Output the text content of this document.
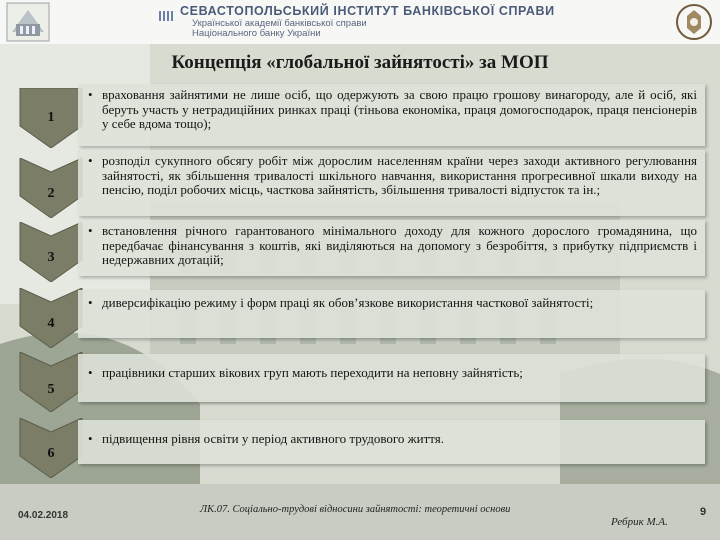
СЕВАСТОПОЛЬСЬКИЙ ІНСТИТУТ БАНКІВСЬКОЇ СПРАВИ
Української академії банківської справи
Національного банку України
Концепція «глобальної зайнятості» за МОП
1
2
3
4
5
6

• враховання зайнятими не лише осіб, що одержують за свою працю грошову винагороду, але й осіб, які беруть участь у нетрадиційних ринках праці (тіньова економіка, праця домогосподарок, праця пенсіонерів у себе вдома тощо);

• розподіл сукупного обсягу робіт між дорослим населенням країни через заходи активного регулювання зайнятості, як збільшення тривалості шкільного навчання, використання прогресивної шкали виходу на пенсію, поділ робочих місць, часткова зайнятість, збільшення тривалості відпусток та ін.;

• встановлення річного гарантованого мінімального доходу для кожного дорослого громадянина, що передбачає фінансування з коштів, які виділяються на допомогу з безробіття, з прибутку підприємств і недержавних дотацій;

• диверсифікацію режиму і форм праці як обов’язкове використання часткової зайнятості;

• працівники старших вікових груп мають переходити на неповну зайнятість;

• підвищення рівня освіти у період активного трудового життя.

04.02.2018
ЛК.07. Соціально-трудові відносини зайнятості: теоретичні основи
Ребрик М.А.
9
